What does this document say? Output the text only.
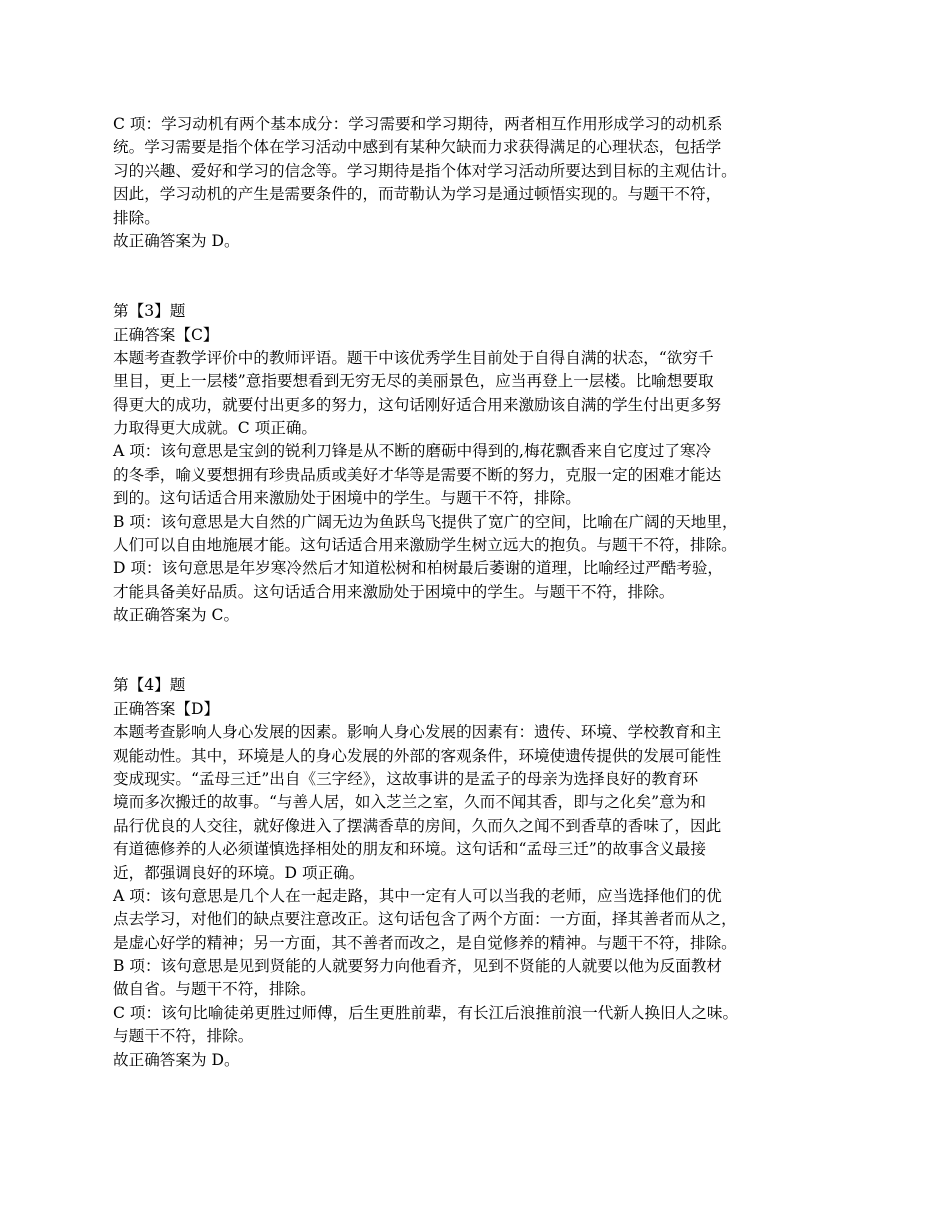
C 项：学习动机有两个基本成分：学习需要和学习期待，两者相互作用形成学习的动机系
统。学习需要是指个体在学习活动中感到有某种欠缺而力求获得满足的心理状态，包括学
习的兴趣、爱好和学习的信念等。学习期待是指个体对学习活动所要达到目标的主观估计。
因此，学习动机的产生是需要条件的，而苛勒认为学习是通过顿悟实现的。与题干不符，
排除。
故正确答案为 D。
第【3】题
正确答案【C】
本题考查教学评价中的教师评语。题干中该优秀学生目前处于自得自满的状态，“欲穷千
里目，更上一层楼”意指要想看到无穷无尽的美丽景色，应当再登上一层楼。比喻想要取
得更大的成功，就要付出更多的努力，这句话刚好适合用来激励该自满的学生付出更多努
力取得更大成就。C 项正确。
A 项：该句意思是宝剑的锐利刀锋是从不断的磨砺中得到的,梅花飘香来自它度过了寒冷
的冬季，喻义要想拥有珍贵品质或美好才华等是需要不断的努力，克服一定的困难才能达
到的。这句话适合用来激励处于困境中的学生。与题干不符，排除。
B 项：该句意思是大自然的广阔无边为鱼跃鸟飞提供了宽广的空间，比喻在广阔的天地里，
人们可以自由地施展才能。这句话适合用来激励学生树立远大的抱负。与题干不符，排除。
D 项：该句意思是年岁寒冷然后才知道松树和柏树最后萎谢的道理，比喻经过严酷考验，
才能具备美好品质。这句话适合用来激励处于困境中的学生。与题干不符，排除。
故正确答案为 C。
第【4】题
正确答案【D】
本题考查影响人身心发展的因素。影响人身心发展的因素有：遗传、环境、学校教育和主
观能动性。其中，环境是人的身心发展的外部的客观条件，环境使遗传提供的发展可能性
变成现实。“孟母三迁”出自《三字经》，这故事讲的是孟子的母亲为选择良好的教育环
境而多次搬迁的故事。“与善人居，如入芝兰之室，久而不闻其香，即与之化矣”意为和
品行优良的人交往，就好像进入了摆满香草的房间，久而久之闻不到香草的香味了，因此
有道德修养的人必须谨慎选择相处的朋友和环境。这句话和“孟母三迁”的故事含义最接
近，都强调良好的环境。D 项正确。
A 项：该句意思是几个人在一起走路，其中一定有人可以当我的老师，应当选择他们的优
点去学习，对他们的缺点要注意改正。这句话包含了两个方面：一方面，择其善者而从之，
是虚心好学的精神；另一方面，其不善者而改之，是自觉修养的精神。与题干不符，排除。
B 项：该句意思是见到贤能的人就要努力向他看齐，见到不贤能的人就要以他为反面教材
做自省。与题干不符，排除。
C 项：该句比喻徒弟更胜过师傅，后生更胜前辈，有长江后浪推前浪一代新人换旧人之味。
与题干不符，排除。
故正确答案为 D。
